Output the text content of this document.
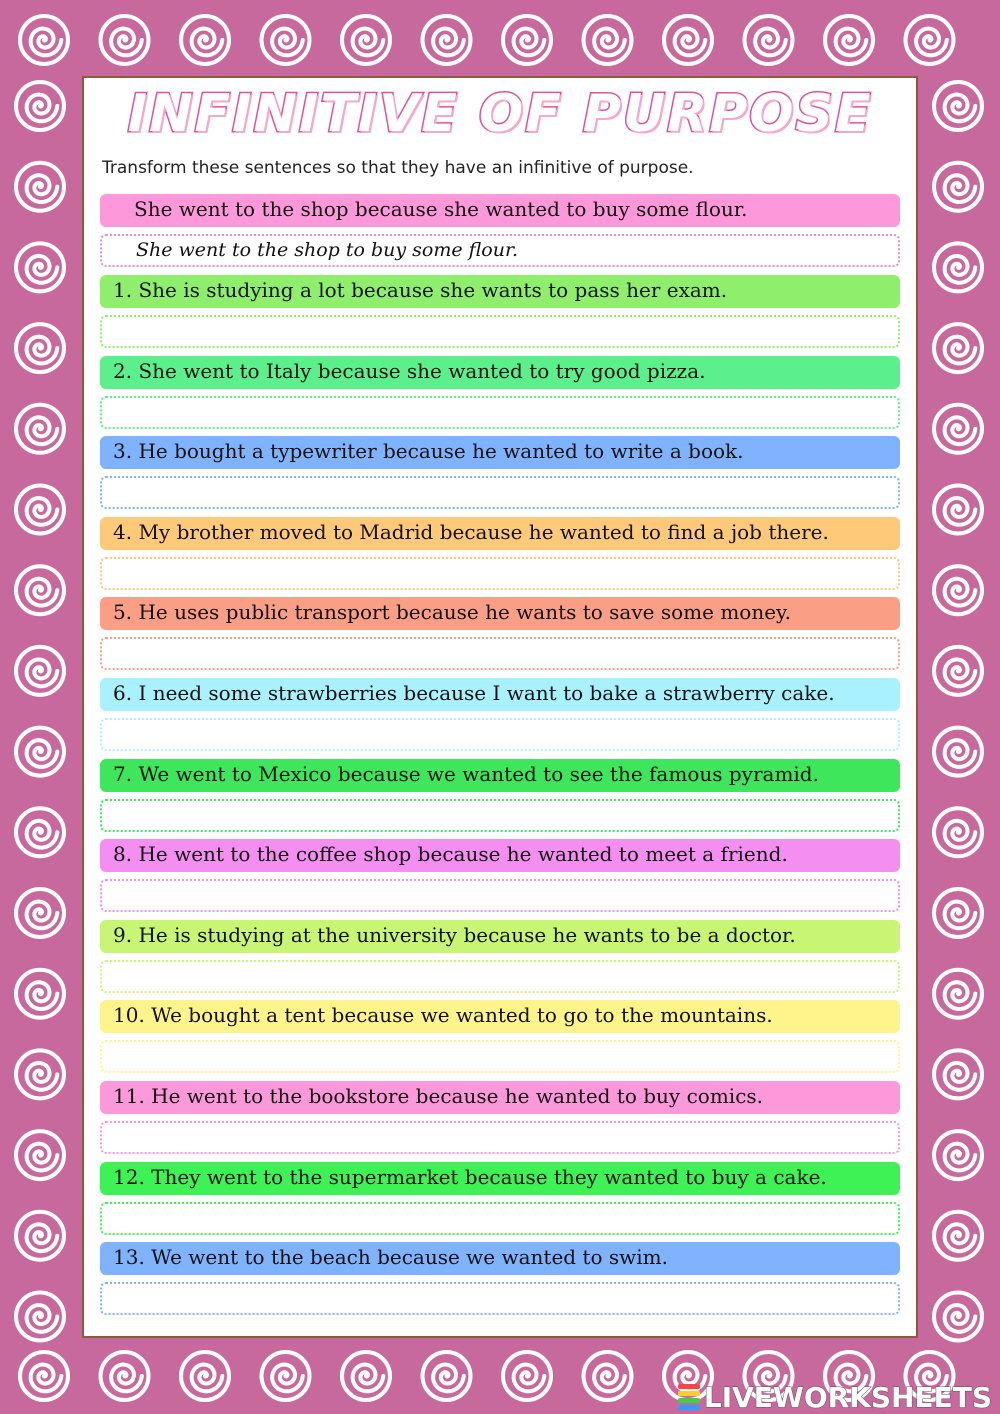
INFINITIVE OF PURPOSE

Transform these sentences so that they have an infinitive of purpose.

She went to the shop because she wanted to buy some flour.
She went to the shop to buy some flour.
1. She is studying a lot because she wants to pass her exam.
2. She went to Italy because she wanted to try good pizza.
3. He bought a typewriter because he wanted to write a book.
4. My brother moved to Madrid because he wanted to find a job there.
5. He uses public transport because he wants to save some money.
6. I need some strawberries because I want to bake a strawberry cake.
7. We went to Mexico because we wanted to see the famous pyramid.
8. He went to the coffee shop because he wanted to meet a friend.
9. He is studying at the university because he wants to be a doctor.
10. We bought a tent because we wanted to go to the mountains.
11. He went to the bookstore because he wanted to buy comics.
12. They went to the supermarket because they wanted to buy a cake.
13. We went to the beach because we wanted to swim.
LIVEWORKSHEETS
